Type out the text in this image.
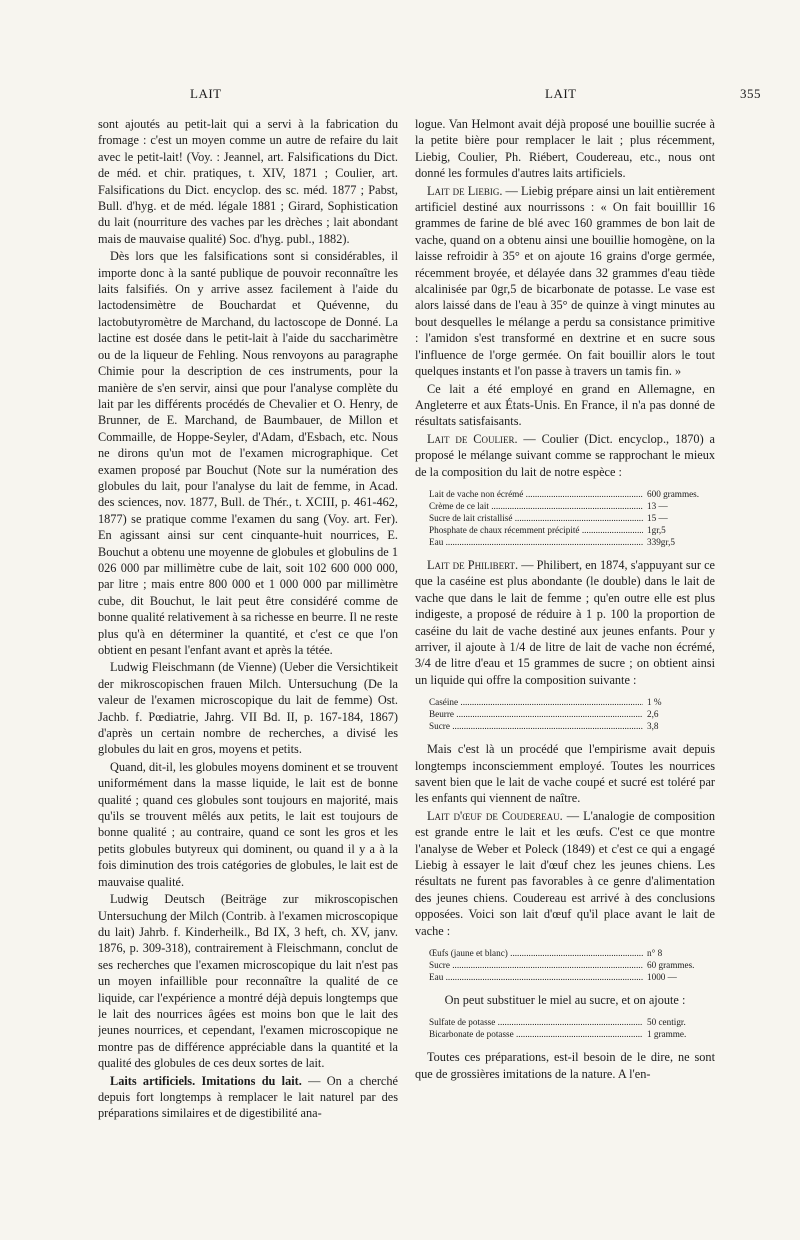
LAIT	LAIT	355

sont ajoutés au petit-lait qui a servi à la fabrication du fromage : c'est un moyen comme un autre de refaire du lait avec le petit-lait! (Voy. : Jeannel, art. Falsifications du Dict. de méd. et chir. pratiques, t. XIV, 1871 ; Coulier, art. Falsifications du Dict. encyclop. des sc. méd. 1877 ; Pabst, Bull. d'hyg. et de méd. légale 1881 ; Girard, Sophistication du lait (nourriture des vaches par les drèches ; lait abondant mais de mauvaise qualité) Soc. d'hyg. publ., 1882).

Dès lors que les falsifications sont si considérables, il importe donc à la santé publique de pouvoir reconnaître les laits falsifiés. On y arrive assez facilement à l'aide du lactodensimètre de Bouchardat et Quévenne, du lactobutyromètre de Marchand, du lactoscope de Donné. La lactine est dosée dans le petit-lait à l'aide du saccharimètre ou de la liqueur de Fehling. Nous renvoyons au paragraphe Chimie pour la description de ces instruments, pour la manière de s'en servir, ainsi que pour l'analyse complète du lait par les différents procédés de Chevalier et O. Henry, de Brunner, de E. Marchand, de Baumbauer, de Millon et Commaille, de Hoppe-Seyler, d'Adam, d'Esbach, etc. Nous ne dirons qu'un mot de l'examen micrographique. Cet examen proposé par Bouchut (Note sur la numération des globules du lait, pour l'analyse du lait de femme, in Acad. des sciences, nov. 1877, Bull. de Thér., t. XCIII, p. 461-462, 1877) se pratique comme l'examen du sang (Voy. art. Fer). En agissant ainsi sur cent cinquante-huit nourrices, E. Bouchut a obtenu une moyenne de globules et globulins de 1 026 000 par millimètre cube de lait, soit 102 600 000 000, par litre ; mais entre 800 000 et 1 000 000 par millimètre cube, dit Bouchut, le lait peut être considéré comme de bonne qualité relativement à sa richesse en beurre. Il ne reste plus qu'à en déterminer la quantité, et c'est ce que l'on obtient en pesant l'enfant avant et après la tétée.

Ludwig Fleischmann (de Vienne) (Ueber die Versichtikeit der mikroscopischen frauen Milch. Untersuchung (De la valeur de l'examen microscopique du lait de femme) Ost. Jachb. f. Pœdiatrie, Jahrg. VII Bd. II, p. 167-184, 1867) d'après un certain nombre de recherches, a divisé les globules du lait en gros, moyens et petits.

Quand, dit-il, les globules moyens dominent et se trouvent uniformément dans la masse liquide, le lait est de bonne qualité ; quand ces globules sont toujours en majorité, mais qu'ils se trouvent mêlés aux petits, le lait est toujours de bonne qualité ; au contraire, quand ce sont les gros et les petits globules butyreux qui dominent, ou quand il y a à la fois diminution des trois catégories de globules, le lait est de mauvaise qualité.

Ludwig Deutsch (Beiträge zur mikroscopischen Untersuchung der Milch (Contrib. à l'examen microscopique du lait) Jahrb. f. Kinderheilk., Bd IX, 3 heft, ch. XV, janv. 1876, p. 309-318), contrairement à Fleischmann, conclut de ses recherches que l'examen microscopique du lait n'est pas un moyen infaillible pour reconnaître la qualité de ce liquide, car l'expérience a montré déjà depuis longtemps que le lait des nourrices âgées est moins bon que le lait des jeunes nourrices, et cependant, l'examen microscopique ne montre pas de différence appréciable dans la quantité et la qualité des globules de ces deux sortes de lait.

Laits artificiels. Imitations du lait. — On a cherché depuis fort longtemps à remplacer le lait naturel par des préparations similaires et de digestibilité ana-

logue. Van Helmont avait déjà proposé une bouillie sucrée à la petite bière pour remplacer le lait ; plus récemment, Liebig, Coulier, Ph. Riébert, Coudereau, etc., nous ont donné les formules d'autres laits artificiels.

Lait de Liebig. — Liebig prépare ainsi un lait entièrement artificiel destiné aux nourrissons : « On fait bouilllir 16 grammes de farine de blé avec 160 grammes de bon lait de vache, quand on a obtenu ainsi une bouillie homogène, on la laisse refroidir à 35° et on ajoute 16 grains d'orge germée, récemment broyée, et délayée dans 32 grammes d'eau tiède alcalinisée par 0gr,5 de bicarbonate de potasse. Le vase est alors laissé dans de l'eau à 35° de quinze à vingt minutes au bout desquelles le mélange a perdu sa consistance primitive : l'amidon s'est transformé en dextrine et en sucre sous l'influence de l'orge germée. On fait bouillir alors le tout quelques instants et l'on passe à travers un tamis fin. »

Ce lait a été employé en grand en Allemagne, en Angleterre et aux États-Unis. En France, il n'a pas donné de résultats satisfaisants.

Lait de Coulier. — Coulier (Dict. encyclop., 1870) a proposé le mélange suivant comme se rapprochant le mieux de la composition du lait de notre espèce :

Lait de vache non écrémé .....	600 grammes.
Crème de ce lait .....	13 —
Sucre de lait cristallisé .....	15 —
Phosphate de chaux récemment précipité .....	1gr,5
Eau .....	339gr,5

Lait de Philibert. — Philibert, en 1874, s'appuyant sur ce que la caséine est plus abondante (le double) dans le lait de vache que dans le lait de femme ; qu'en outre elle est plus indigeste, a proposé de réduire à 1 p. 100 la proportion de caséine du lait de vache destiné aux jeunes enfants. Pour y arriver, il ajoute à 1/4 de litre de lait de vache non écrémé, 3/4 de litre d'eau et 15 grammes de sucre ; on obtient ainsi un liquide qui offre la composition suivante :

Caséine .....	1 %
Beurre .....	2,6
Sucre .....	3,8

Mais c'est là un procédé que l'empirisme avait depuis longtemps inconsciemment employé. Toutes les nourrices savent bien que le lait de vache coupé et sucré est toléré par les enfants qui viennent de naître.

Lait d'œuf de Coudereau. — L'analogie de composition est grande entre le lait et les œufs. C'est ce que montre l'analyse de Weber et Poleck (1849) et c'est ce qui a engagé Liebig à essayer le lait d'œuf chez les jeunes chiens. Les résultats ne furent pas favorables à ce genre d'alimentation des jeunes chiens. Coudereau est arrivé à des conclusions opposées. Voici son lait d'œuf qu'il place avant le lait de vache :

Œufs (jaune et blanc) .....	n° 8
Sucre .....	60 grammes.
Eau .....	1000 —

On peut substituer le miel au sucre, et on ajoute :

Sulfate de potasse .....	50 centigr.
Bicarbonate de potasse .....	1 gramme.

Toutes ces préparations, est-il besoin de le dire, ne sont que de grossières imitations de la nature. A l'en-
